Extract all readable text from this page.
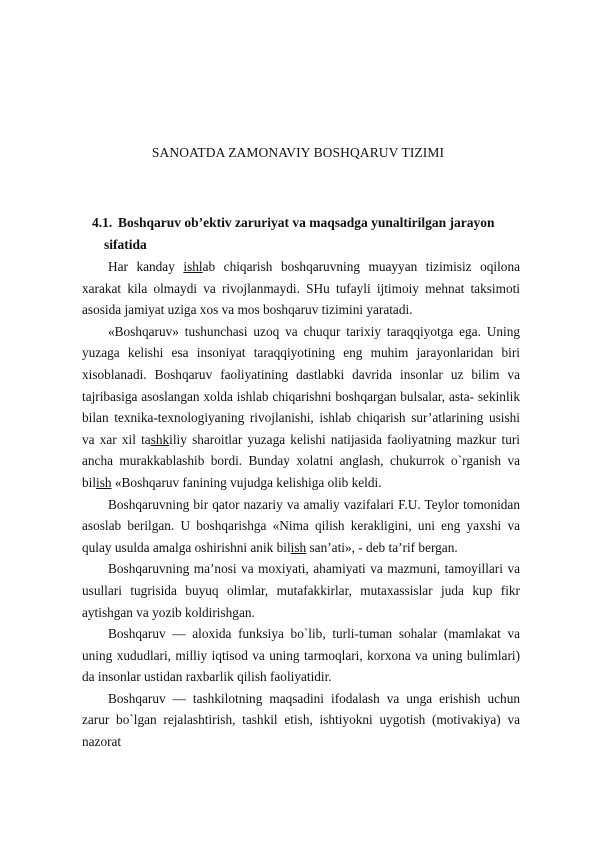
SANOATDA ZAMONAVIY BOSHQARUV TIZIMI
4.1. Boshqaruv ob’ektiv zaruriyat va maqsadga yunaltirilgan jarayon
sifatida

Har kanday ishlab chiqarish boshqaruvning muayyan tizimisiz oqilona xarakat kila olmaydi va rivojlanmaydi. SHu tufayli ijtimoiy mehnat taksimoti asosida jamiyat uziga xos va mos boshqaruv tizimini yaratadi.

«Boshqaruv» tushunchasi uzoq va chuqur tarixiy taraqqiyotga ega. Uning yuzaga kelishi esa insoniyat taraqqiyotining eng muhim jarayonlaridan biri xisoblanadi. Boshqaruv faoliyatining dastlabki davrida insonlar uz bilim va tajribasiga asoslangan xolda ishlab chiqarishni boshqargan bulsalar, asta- sekinlik bilan texnika-texnologiyaning rivojlanishi, ishlab chiqarish sur’atlarining usishi va xar xil tashkiliy sharoitlar yuzaga kelishi natijasida faoliyatning mazkur turi ancha murakkablashib bordi. Bunday xolatni anglash, chukurrok o`rganish va bilish «Boshqaruv fanining vujudga kelishiga olib keldi.

Boshqaruvning bir qator nazariy va amaliy vazifalari F.U. Teylor tomonidan asoslab berilgan. U boshqarishga «Nima qilish kerakligini, uni eng yaxshi va qulay usulda amalga oshirishni anik bilish san’ati», - deb ta’rif bergan.

Boshqaruvning ma’nosi va moxiyati, ahamiyati va mazmuni, tamoyillari va usullari tugrisida buyuq olimlar, mutafakkirlar, mutaxassislar juda kup fikr aytishgan va yozib koldirishgan.

Boshqaruv — aloxida funksiya bo`lib, turli-tuman sohalar (mamlakat va uning xududlari, milliy iqtisod va uning tarmoqlari, korxona va uning bulimlari) da insonlar ustidan raxbarlik qilish faoliyatidir.

Boshqaruv — tashkilotning maqsadini ifodalash va unga erishish uchun zarur bo`lgan rejalashtirish, tashkil etish, ishtiyokni uygotish (motivakiya) va nazorat
